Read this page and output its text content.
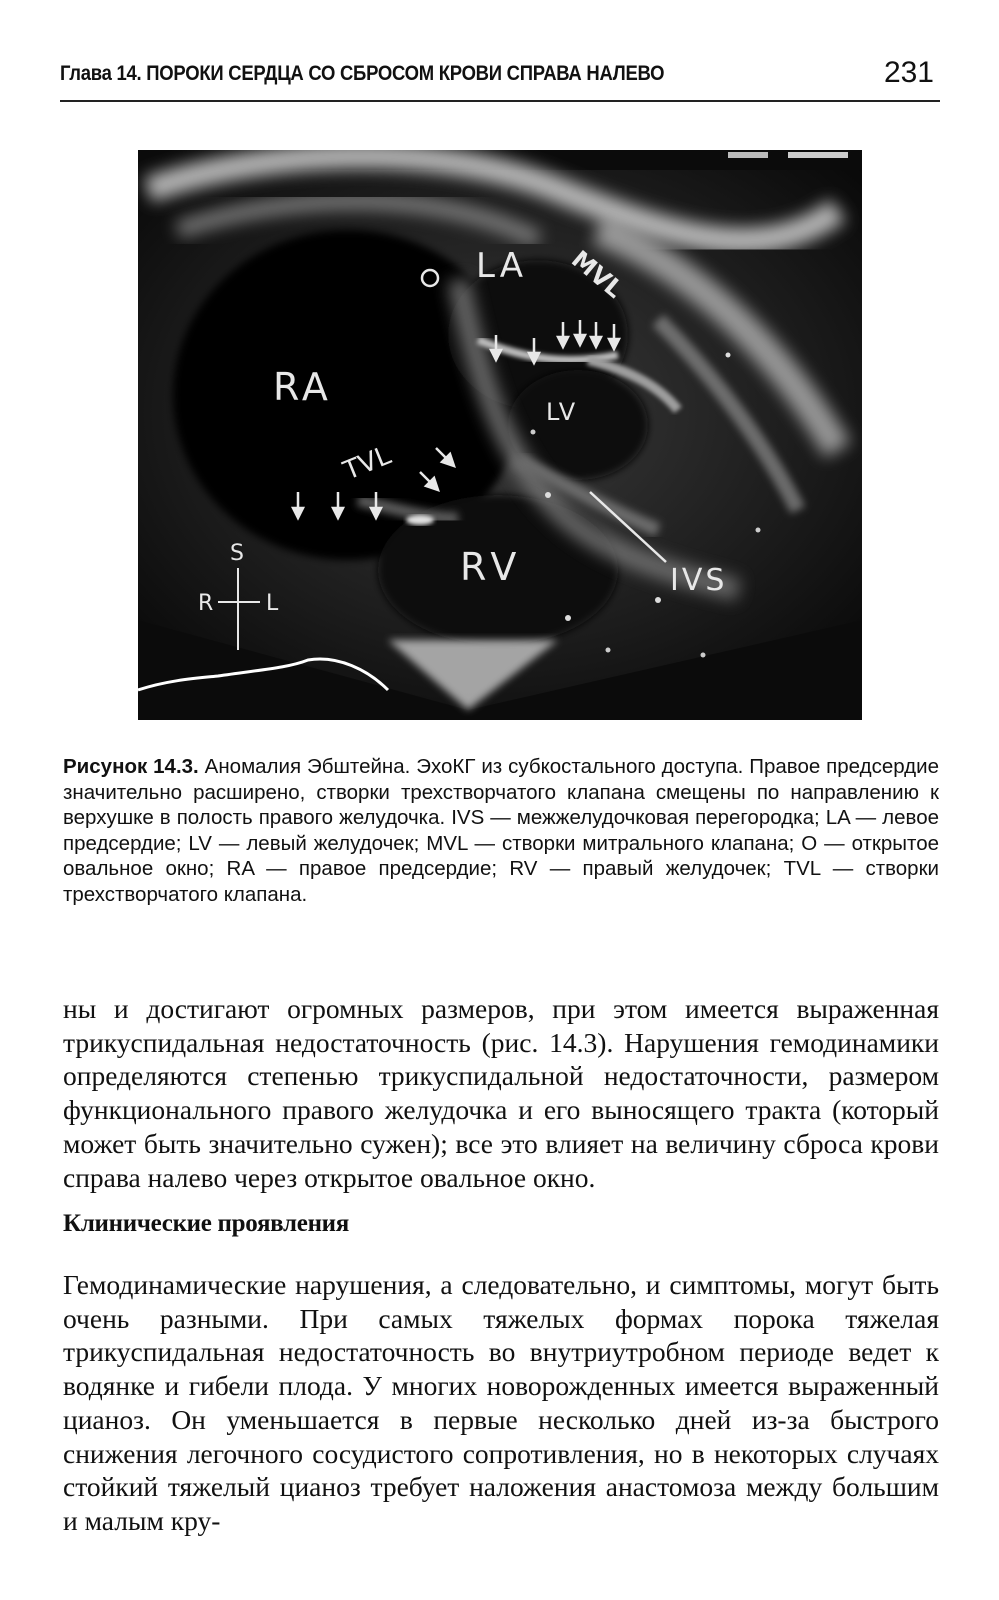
Глава 14. ПОРОКИ СЕРДЦА СО СБРОСОМ КРОВИ СПРАВА НАЛЕВО	231
LA MVL
RA
LV
TVL
RV	IVS
S
R L
Рисунок 14.3. Аномалия Эбштейна. ЭхоКГ из субкостального доступа. Правое предсердие значительно расширено, створки трехстворчатого клапана смещены по направлению к верхушке в полость правого желудочка. IVS — межжелудочковая перегородка; LA — левое предсердие; LV — левый желудочек; MVL — створки митрального клапана; O — открытое овальное окно; RA — правое предсердие; RV — правый желудочек; TVL — створки трехстворчатого клапана.
ны и достигают огромных размеров, при этом имеется выраженная трикуспидальная недостаточность (рис. 14.3). Нарушения гемодинамики определяются степенью трикуспидальной недостаточности, размером функционального правого желудочка и его выносящего тракта (который может быть значительно сужен); все это влияет на величину сброса крови справа налево через открытое овальное окно.
Клинические проявления
Гемодинамические нарушения, а следовательно, и симптомы, могут быть очень разными. При самых тяжелых формах порока тяжелая трикуспидальная недостаточность во внутриутробном периоде ведет к водянке и гибели плода. У многих новорожденных имеется выраженный цианоз. Он уменьшается в первые несколько дней из-за быстрого снижения легочного сосудистого сопротивления, но в некоторых случаях стойкий тяжелый цианоз требует наложения анастомоза между большим и малым кру-
